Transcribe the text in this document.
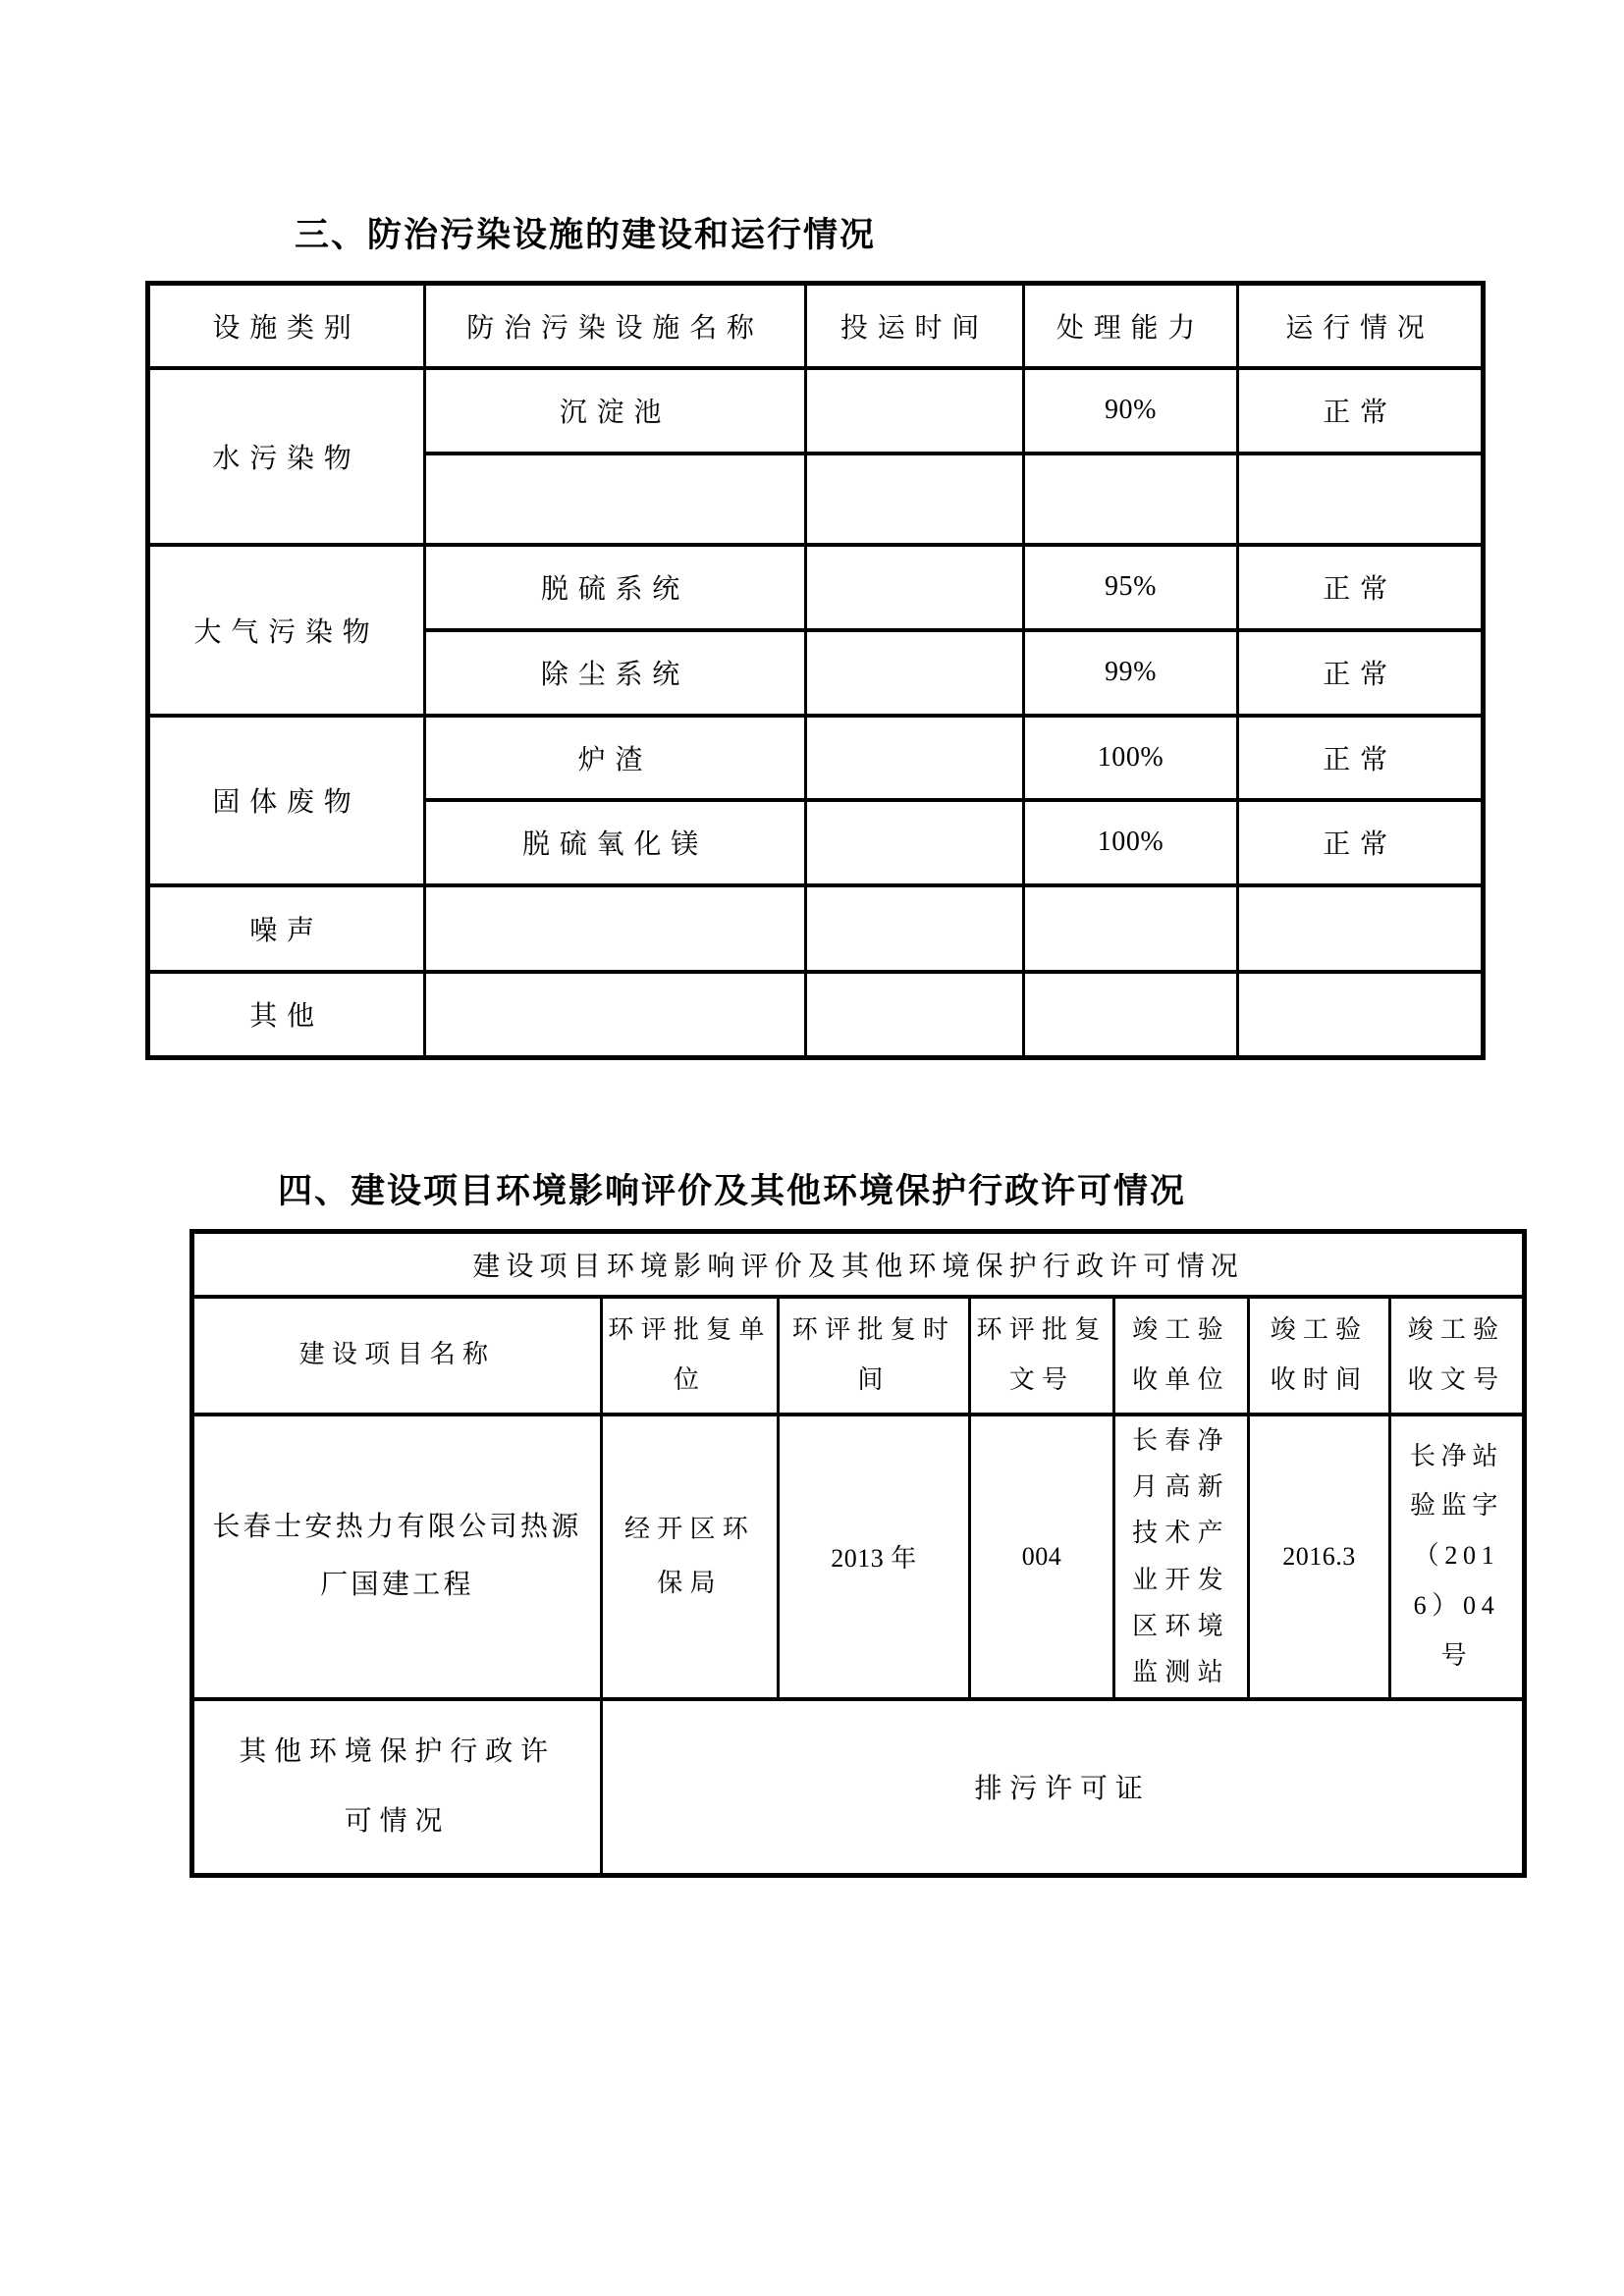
三、防治污染设施的建设和运行情况
设施类别	防治污染设施名称	投运时间	处理能力	运行情况
水污染物	沉淀池		90%	正常

大气污染物	脱硫系统		95%	正常
	除尘系统		99%	正常
固体废物	炉渣		100%	正常
	脱硫氧化镁		100%	正常
噪声				
其他				
四、建设项目环境影响评价及其他环境保护行政许可情况
建设项目环境影响评价及其他环境保护行政许可情况						
建设项目名称	环评批复单位	环评批复时间	环评批复文号	竣工验收单位	竣工验收时间	竣工验收文号
长春士安热力有限公司热源厂国建工程	经开区环保局	2013 年	004	长春净月高新技术产业开发区环境监测站	2016.3	长净站验监字（2016）04 号
其他环境保护行政许可情况	排污许可证					
